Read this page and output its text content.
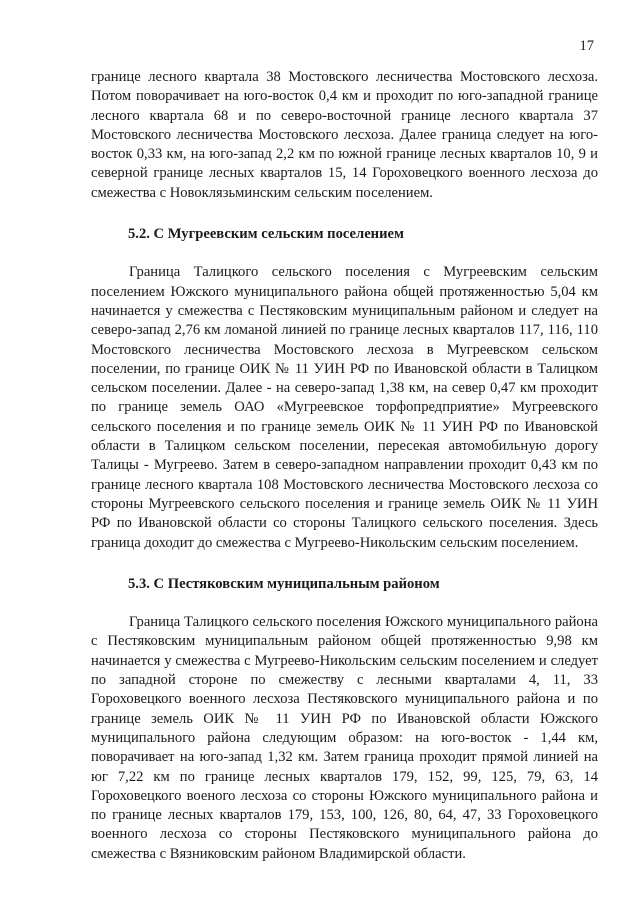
17

границе лесного квартала 38 Мостовского лесничества Мостовского лесхоза. Потом поворачивает на юго-восток 0,4 км и проходит по юго-западной границе лесного квартала 68 и по северо-восточной границе лесного квартала 37 Мостовского лесничества Мостовского лесхоза. Далее граница следует на юго-восток 0,33 км, на юго-запад 2,2 км по южной границе лесных кварталов 10, 9 и северной границе лесных кварталов 15, 14 Гороховецкого военного лесхоза до смежества с Новоклязьминским сельским поселением.

5.2. С Мугреевским сельским поселением

Граница Талицкого сельского поселения с Мугреевским сельским поселением Южского муниципального района общей протяженностью 5,04 км начинается у смежества с Пестяковским муниципальным районом и следует на северо-запад 2,76 км ломаной линией по границе лесных кварталов 117, 116, 110 Мостовского лесничества Мостовского лесхоза в Мугреевском сельском поселении, по границе ОИК № 11 УИН РФ по Ивановской области в Талицком сельском поселении. Далее - на северо-запад 1,38 км, на север 0,47 км проходит по границе земель ОАО «Мугреевское торфопредприятие» Мугреевского сельского поселения и по границе земель ОИК № 11 УИН РФ по Ивановской области в Талицком сельском поселении, пересекая автомобильную дорогу Талицы - Мугреево. Затем в северо-западном направлении проходит 0,43 км по границе лесного квартала 108 Мостовского лесничества Мостовского лесхоза со стороны Мугреевского сельского поселения и границе земель ОИК № 11 УИН РФ по Ивановской области со стороны Талицкого сельского поселения. Здесь граница доходит до смежества с Мугреево-Никольским сельским поселением.

5.3. С Пестяковским муниципальным районом

Граница Талицкого сельского поселения Южского муниципального района с Пестяковским муниципальным районом общей протяженностью 9,98 км начинается у смежества с Мугреево-Никольским сельским поселением и следует по западной стороне по смежеству с лесными кварталами 4, 11, 33 Гороховецкого военного лесхоза Пестяковского муниципального района и по границе земель ОИК № 11 УИН РФ по Ивановской области Южского муниципального района следующим образом: на юго-восток - 1,44 км, поворачивает на юго-запад 1,32 км. Затем граница проходит прямой линией на юг 7,22 км по границе лесных кварталов 179, 152, 99, 125, 79, 63, 14 Гороховецкого военого лесхоза со стороны Южского муниципального района и по границе лесных кварталов 179, 153, 100, 126, 80, 64, 47, 33 Гороховецкого военного лесхоза со стороны Пестяковского муниципального района до смежества с Вязниковским районом Владимирской области.
